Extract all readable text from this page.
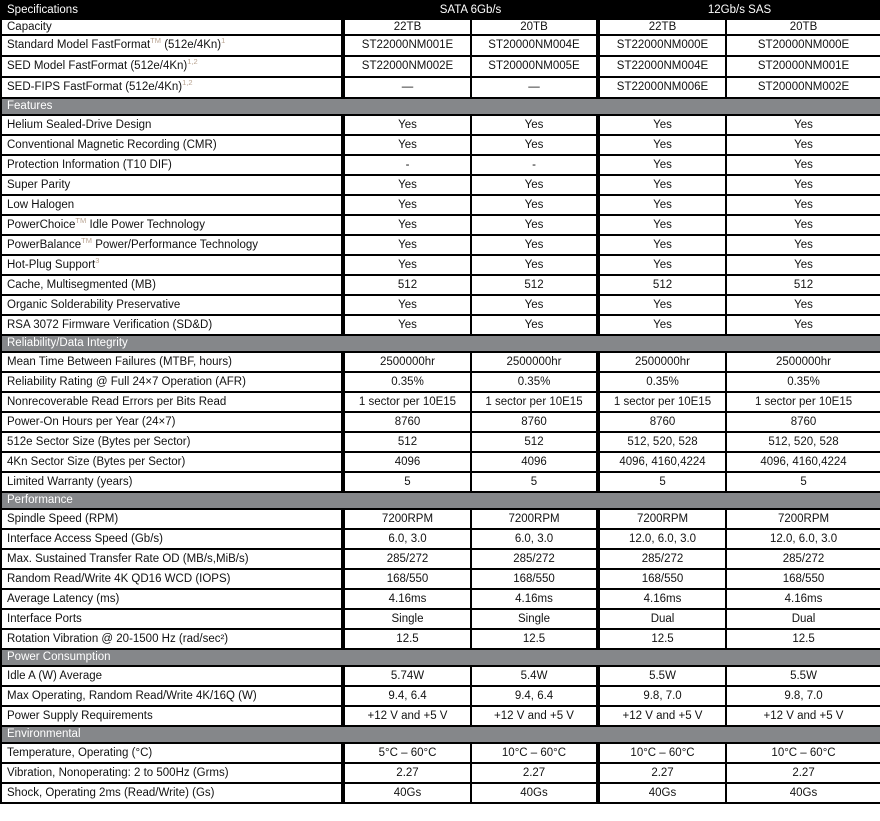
Specifications	SATA 6Gb/s		12Gb/s SAS	
Capacity	22TB	20TB	22TB	20TB
Standard Model FastFormat™ $(512e/4Kn)^1$	ST22000NM001E	ST20000NM004E	ST22000NM000E	ST20000NM000E
SED Model FastFormat $(512e/4Kn)^{1,2}$	ST22000NM002E	ST20000NM005E	ST22000NM004E	ST20000NM001E
SED-FIPS FastFormat $(512e/4Kn)^{1,2}$	—	—	ST22000NM006E	ST20000NM002E
Features				
Helium Sealed-Drive Design	Yes	Yes	Yes	Yes
Conventional Magnetic Recording (CMR)	Yes	Yes	Yes	Yes
Protection Information (T10 DIF)	-	-	Yes	Yes
Super Parity	Yes	Yes	Yes	Yes
Low Halogen	Yes	Yes	Yes	Yes
PowerChoice™ Idle Power Technology	Yes	Yes	Yes	Yes
PowerBalance™ Power/Performance Technology	Yes	Yes	Yes	Yes
Hot-Plug Support$^3$	Yes	Yes	Yes	Yes
Cache, Multisegmented (MB)	512	512	512	512
Organic Solderability Preservative	Yes	Yes	Yes	Yes
RSA 3072 Firmware Verification (SD&D)	Yes	Yes	Yes	Yes
Reliability/Data Integrity				
Mean Time Between Failures (MTBF, hours)	2500000hr	2500000hr	2500000hr	2500000hr
Reliability Rating @ Full 24×7 Operation (AFR)	0.35%	0.35%	0.35%	0.35%
Nonrecoverable Read Errors per Bits Read	1 sector per 10E15	1 sector per 10E15	1 sector per 10E15	1 sector per 10E15
Power-On Hours per Year (24×7)	8760	8760	8760	8760
512e Sector Size (Bytes per Sector)	512	512	512, 520, 528	512, 520, 528
4Kn Sector Size (Bytes per Sector)	4096	4096	4096, 4160,4224	4096, 4160,4224
Limited Warranty (years)	5	5	5	5
Performance				
Spindle Speed (RPM)	7200RPM	7200RPM	7200RPM	7200RPM
Interface Access Speed (Gb/s)	6.0, 3.0	6.0, 3.0	12.0, 6.0, 3.0	12.0, 6.0, 3.0
Max. Sustained Transfer Rate OD (MB/s,MiB/s)	285/272	285/272	285/272	285/272
Random Read/Write 4K QD16 WCD (IOPS)	168/550	168/550	168/550	168/550
Average Latency (ms)	4.16ms	4.16ms	4.16ms	4.16ms
Interface Ports	Single	Single	Dual	Dual
Rotation Vibration @ 20-1500 Hz (rad/sec²)	12.5	12.5	12.5	12.5
Power Consumption				
Idle A (W) Average	5.74W	5.4W	5.5W	5.5W
Max Operating, Random Read/Write 4K/16Q (W)	9.4, 6.4	9.4, 6.4	9.8, 7.0	9.8, 7.0
Power Supply Requirements	+12 V and +5 V	+12 V and +5 V	+12 V and +5 V	+12 V and +5 V
Environmental				
Temperature, Operating (°C)	5°C – 60°C	10°C – 60°C	10°C – 60°C	10°C – 60°C
Vibration, Nonoperating: 2 to 500Hz (Grms)	2.27	2.27	2.27	2.27
Shock, Operating 2ms (Read/Write) (Gs)	40Gs	40Gs	40Gs	40Gs
